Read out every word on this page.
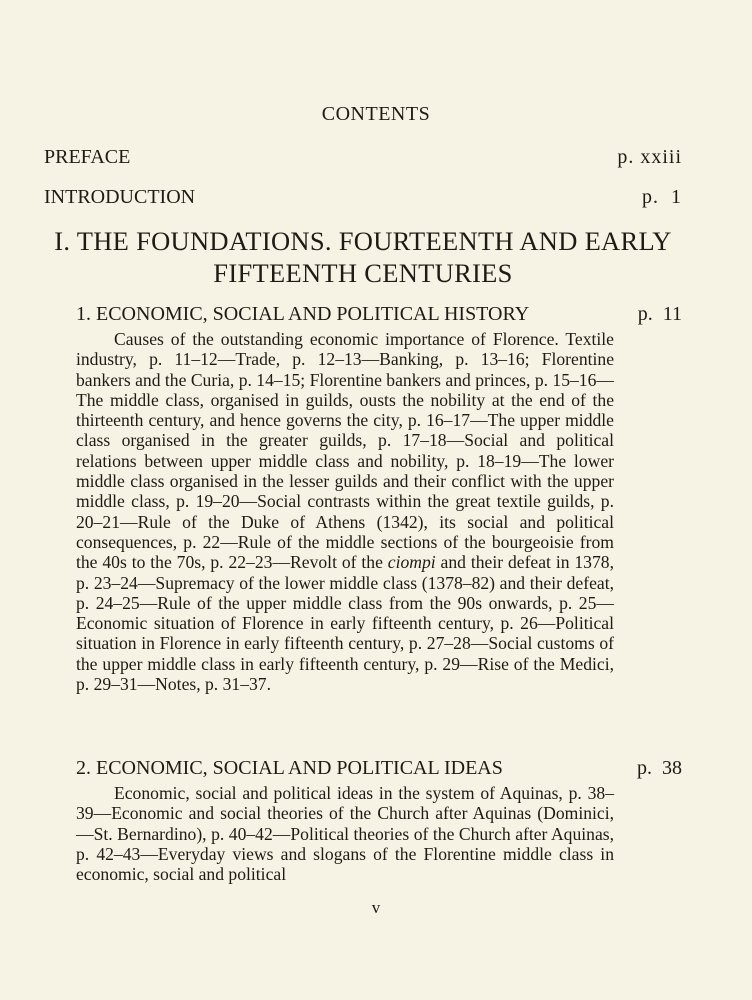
CONTENTS
PREFACE	p. xxiii
INTRODUCTION	p.  1
I. THE FOUNDATIONS. FOURTEENTH AND EARLY
FIFTEENTH CENTURIES
1. ECONOMIC, SOCIAL AND POLITICAL HISTORY	p.  11

Causes of the outstanding economic importance of Florence. Textile industry, p. 11–12—Trade, p. 12–13—Banking, p. 13–16; Florentine bankers and the Curia, p. 14–15; Florentine bankers and princes, p. 15–16—The middle class, organised in guilds, ousts the nobility at the end of the thirteenth century, and hence governs the city, p. 16–17—The upper middle class organised in the greater guilds, p. 17–18—Social and political relations between upper middle class and nobility, p. 18–19—The lower middle class organised in the lesser guilds and their conflict with the upper middle class, p. 19–20—Social contrasts within the great textile guilds, p. 20–21—Rule of the Duke of Athens (1342), its social and political consequences, p. 22—Rule of the middle sections of the bourgeoisie from the 40s to the 70s, p. 22–23—Revolt of the ciompi and their defeat in 1378, p. 23–24—Supremacy of the lower middle class (1378–82) and their defeat, p. 24–25—Rule of the upper middle class from the 90s onwards, p. 25—Economic situation of Florence in early fifteenth century, p. 26—Political situation in Florence in early fifteenth century, p. 27–28—Social customs of the upper middle class in early fifteenth century, p. 29—Rise of the Medici, p. 29–31—Notes, p. 31–37.

2. ECONOMIC, SOCIAL AND POLITICAL IDEAS	p.  38

Economic, social and political ideas in the system of Aquinas, p. 38–39—Economic and social theories of the Church after Aquinas (Dominici,—St. Bernardino), p. 40–42—Political theories of the Church after Aquinas, p. 42–43—Everyday views and slogans of the Florentine middle class in economic, social and political

v
